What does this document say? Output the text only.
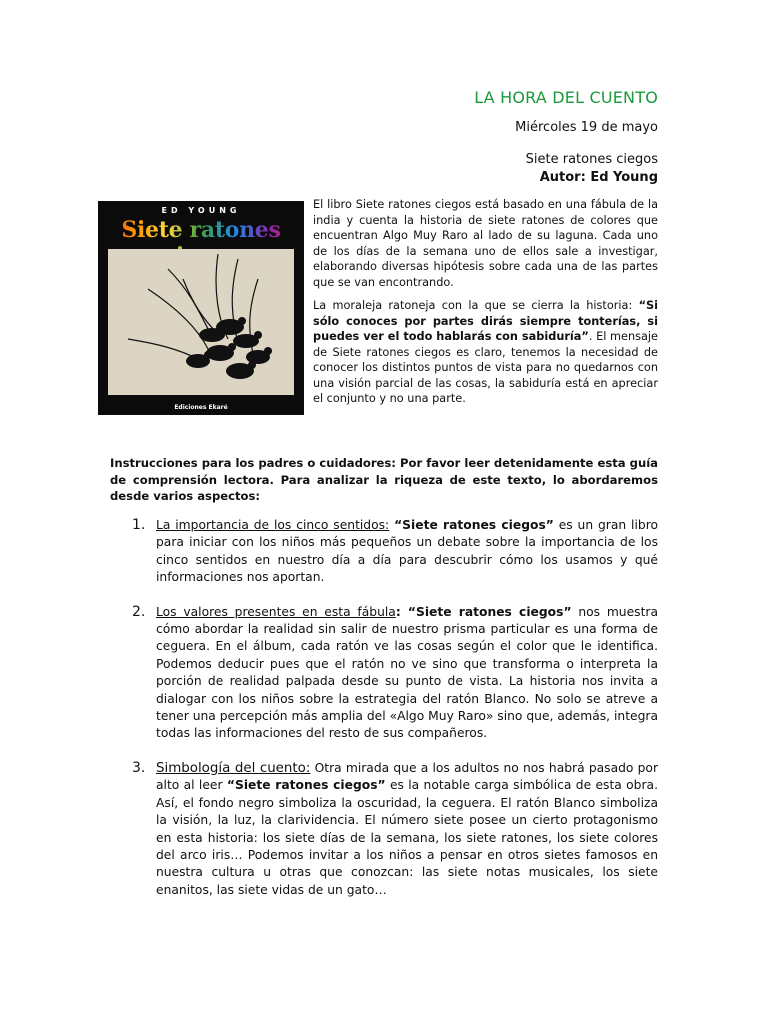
LA HORA DEL CUENTO
Miércoles 19 de mayo
Siete ratones ciegos
Autor: Ed Young
ED YOUNG
Siete ratones
Ediciones Ekaré

El libro Siete ratones ciegos está basado en una fábula de la india y cuenta la historia de siete ratones de colores que encuentran Algo Muy Raro al lado de su laguna. Cada uno de los días de la semana uno de ellos sale a investigar, elaborando diversas hipótesis sobre cada una de las partes que se van encontrando.

La moraleja ratoneja con la que se cierra la historia: “Si sólo conoces por partes dirás siempre tonterías, si puedes ver el todo hablarás con sabiduría”. El mensaje de Siete ratones ciegos es claro, tenemos la necesidad de conocer los distintos puntos de vista para no quedarnos con una visión parcial de las cosas, la sabiduría está en apreciar el conjunto y no una parte.

Instrucciones para los padres o cuidadores: Por favor leer detenidamente esta guía de comprensión lectora. Para analizar la riqueza de este texto, lo abordaremos desde varios aspectos:
1. La importancia de los cinco sentidos: “Siete ratones ciegos” es un gran libro para iniciar con los niños más pequeños un debate sobre la importancia de los cinco sentidos en nuestro día a día para descubrir cómo los usamos y qué informaciones nos aportan.
2. Los valores presentes en esta fábula: “Siete ratones ciegos” nos muestra cómo abordar la realidad sin salir de nuestro prisma particular es una forma de ceguera. En el álbum, cada ratón ve las cosas según el color que le identifica. Podemos deducir pues que el ratón no ve sino que transforma o interpreta la porción de realidad palpada desde su punto de vista. La historia nos invita a dialogar con los niños sobre la estrategia del ratón Blanco. No solo se atreve a tener una percepción más amplia del «Algo Muy Raro» sino que, además, integra todas las informaciones del resto de sus compañeros.
3. Simbología del cuento: Otra mirada que a los adultos no nos habrá pasado por alto al leer “Siete ratones ciegos” es la notable carga simbólica de esta obra. Así, el fondo negro simboliza la oscuridad, la ceguera. El ratón Blanco simboliza la visión, la luz, la clarividencia. El número siete posee un cierto protagonismo en esta historia: los siete días de la semana, los siete ratones, los siete colores del arco iris… Podemos invitar a los niños a pensar en otros sietes famosos en nuestra cultura u otras que conozcan: las siete notas musicales, los siete enanitos, las siete vidas de un gato…
